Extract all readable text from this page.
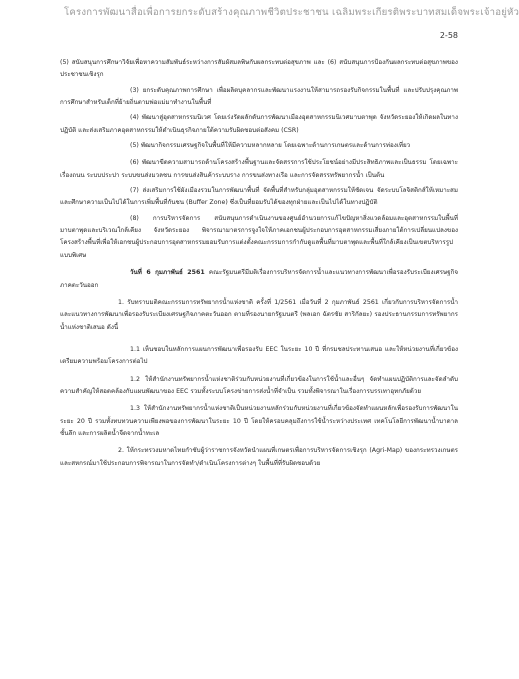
โครงการพัฒนาสื่อเพื่อการยกระดับสร้างคุณภาพชีวิตประชาชน เฉลิมพระเกียรติพระบาทสมเด็จพระเจ้าอยู่หัว
2-58

(5) สนับสนุนการศึกษาวิจัยเพื่อหาความสัมพันธ์ระหว่างการสัมผัสมลพิษกับผลกระทบต่อสุขภาพ และ (6) สนับสนุนการป้องกันผลกระทบต่อสุขภาพของประชาชนเชิงรุก

(3) ยกระดับคุณภาพการศึกษา เพื่อผลิตบุคลากรและพัฒนาแรงงานให้สามารถรองรับกิจกรรมในพื้นที่ และปรับปรุงคุณภาพการศึกษาสำหรับเด็กที่ย้ายถิ่นตามพ่อแม่มาทำงานในพื้นที่

(4) พัฒนาสู่อุตสาหกรรมนิเวศ โดยเร่งรัดผลักดันการพัฒนาเมืองอุตสาหกรรมนิเวศมาบตาพุด จังหวัดระยองให้เกิดผลในทางปฏิบัติ และส่งเสริมภาคอุตสาหกรรมให้ดำเนินธุรกิจภายใต้ความรับผิดชอบต่อสังคม (CSR)

(5) พัฒนากิจกรรมเศรษฐกิจในพื้นที่ให้มีความหลากหลาย โดยเฉพาะด้านการเกษตรและด้านการท่องเที่ยว

(6) พัฒนาขีดความสามารถด้านโครงสร้างพื้นฐานและจัดสรรการใช้ประโยชน์อย่างมีประสิทธิภาพและเป็นธรรม โดยเฉพาะเรื่องถนน ระบบประปา ระบบขนส่งมวลชน การขนส่งสินค้าระบบราง การขนส่งทางเรือ และการจัดสรรทรัพยากรน้ำ เป็นต้น

(7) ส่งเสริมการใช้ผังเมืองรวมในการพัฒนาพื้นที่ จัดพื้นที่สำหรับกลุ่มอุตสาหกรรมให้ชัดเจน จัดระบบโลจิสติกส์ให้เหมาะสม และศึกษาความเป็นไปได้ในการเพิ่มพื้นที่กันชน (Buffer Zone) ซึ่งเป็นที่ยอมรับได้ของทุกฝ่ายและเป็นไปได้ในทางปฏิบัติ

(8) การบริหารจัดการ สนับสนุนการดำเนินงานของศูนย์อำนวยการแก้ไขปัญหาสิ่งแวดล้อมและอุตสาหกรรมในพื้นที่มาบตาพุดและบริเวณใกล้เคียง จังหวัดระยอง พิจารณามาตรการจูงใจให้ภาคเอกชนผู้ประกอบการอุตสาหกรรมเสี่ยงภายใต้การเปลี่ยนแปลงของโครงสร้างพื้นที่เพื่อให้เอกชนผู้ประกอบการอุตสาหกรรมยอมรับการแต่งตั้งคณะกรรมการกำกับดูแลพื้นที่มาบตาพุดและพื้นที่ใกล้เคียงเป็นเขตบริหารรูปแบบพิเศษ

วันที่ 6 กุมภาพันธ์ 2561 คณะรัฐมนตรีมีมติเรื่องการบริหารจัดการน้ำและแนวทางการพัฒนาเพื่อรองรับระเบียงเศรษฐกิจภาคตะวันออก

1. รับทราบมติคณะกรรมการทรัพยากรน้ำแห่งชาติ ครั้งที่ 1/2561 เมื่อวันที่ 2 กุมภาพันธ์ 2561 เกี่ยวกับการบริหารจัดการน้ำและแนวทางการพัฒนาเพื่อรองรับระเบียงเศรษฐกิจภาคตะวันออก ตามที่รองนายกรัฐมนตรี (พลเอก ฉัตรชัย สาริกัลยะ) รองประธานกรรมการทรัพยากรน้ำแห่งชาติเสนอ ดังนี้

1.1 เห็นชอบในหลักการแผนการพัฒนาเพื่อรองรับ EEC ในระยะ 10 ปี ที่กรมชลประทานเสนอ และให้หน่วยงานที่เกี่ยวข้องเตรียมความพร้อมโครงการต่อไป

1.2 ให้สำนักงานทรัพยากรน้ำแห่งชาติร่วมกับหน่วยงานที่เกี่ยวข้องในการใช้น้ำและอื่นๆ จัดทำแผนปฏิบัติการและจัดลำดับความสำคัญให้สอดคล้องกับแผนพัฒนาของ EEC รวมทั้งระบบโครงข่ายการส่งน้ำที่จำเป็น รวมทั้งพิจารณาในเรื่องการบรรเทาอุทกภัยด้วย

1.3 ให้สำนักงานทรัพยากรน้ำแห่งชาติเป็นหน่วยงานหลักร่วมกับหน่วยงานที่เกี่ยวข้องจัดทำแผนหลักเพื่อรองรับการพัฒนาในระยะ 20 ปี รวมทั้งทบทวนความเพียงพอของการพัฒนาในระยะ 10 ปี โดยให้ครอบคลุมถึงการใช้น้ำระหว่างประเทศ เทคโนโลยีการพัฒนาน้ำบาดาลชั้นลึก และการผลิตน้ำจืดจากน้ำทะเล

2. ให้กระทรวงมหาดไทยกำชับผู้ว่าราชการจังหวัดนำแผนที่เกษตรเพื่อการบริหารจัดการเชิงรุก (Agri-Map) ของกระทรวงเกษตรและสหกรณ์มาใช้ประกอบการพิจารณาในการจัดทำ/ดำเนินโครงการต่างๆ ในพื้นที่ที่รับผิดชอบด้วย
